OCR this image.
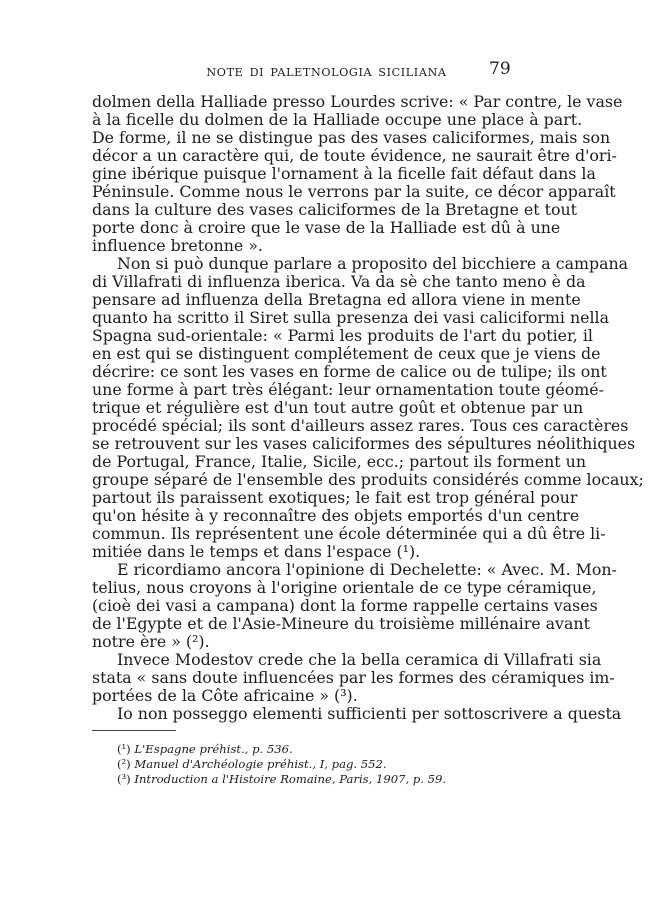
NOTE DI PALETNOLOGIA SICILIANA	79
dolmen della Halliade presso Lourdes scrive: « Par contre, le vase
à la ficelle du dolmen de la Halliade occupe une place à part.
De forme, il ne se distingue pas des vases caliciformes, mais son
décor a un caractère qui, de toute évidence, ne saurait être d'ori-
gine ibérique puisque l'ornament à la ficelle fait défaut dans la
Péninsule. Comme nous le verrons par la suite, ce décor apparaît
dans la culture des vases caliciformes de la Bretagne et tout
porte donc à croire que le vase de la Halliade est dû à une
influence bretonne ».
Non si può dunque parlare a proposito del bicchiere a campana
di Villafrati di influenza iberica. Va da sè che tanto meno è da
pensare ad influenza della Bretagna ed allora viene in mente
quanto ha scritto il Siret sulla presenza dei vasi caliciformi nella
Spagna sud-orientale: « Parmi les produits de l'art du potier, il
en est qui se distinguent complétement de ceux que je viens de
décrire: ce sont les vases en forme de calice ou de tulipe; ils ont
une forme à part très élégant: leur ornamentation toute géomé-
trique et régulière est d'un tout autre goût et obtenue par un
procédé spécial; ils sont d'ailleurs assez rares. Tous ces caractères
se retrouvent sur les vases caliciformes des sépultures néolithiques
de Portugal, France, Italie, Sicile, ecc.; partout ils forment un
groupe séparé de l'ensemble des produits considérés comme locaux;
partout ils paraissent exotiques; le fait est trop général pour
qu'on hésite à y reconnaître des objets emportés d'un centre
commun. Ils représentent une école déterminée qui a dû être li-
mitiée dans le temps et dans l'espace (¹).
E ricordiamo ancora l'opinione di Dechelette: « Avec. M. Mon-
telius, nous croyons à l'origine orientale de ce type céramique,
(cioè dei vasi a campana) dont la forme rappelle certains vases
de l'Egypte et de l'Asie-Mineure du troisième millénaire avant
notre ère » (²).
Invece Modestov crede che la bella ceramica di Villafrati sia
stata « sans doute influencées par les formes des céramiques im-
portées de la Côte africaine » (³).
Io non posseggo elementi sufficienti per sottoscrivere a questa
(¹) L'Espagne préhist., p. 536.
(²) Manuel d'Archéologie préhist., I, pag. 552.
(³) Introduction a l'Histoire Romaine, Paris, 1907, p. 59.
